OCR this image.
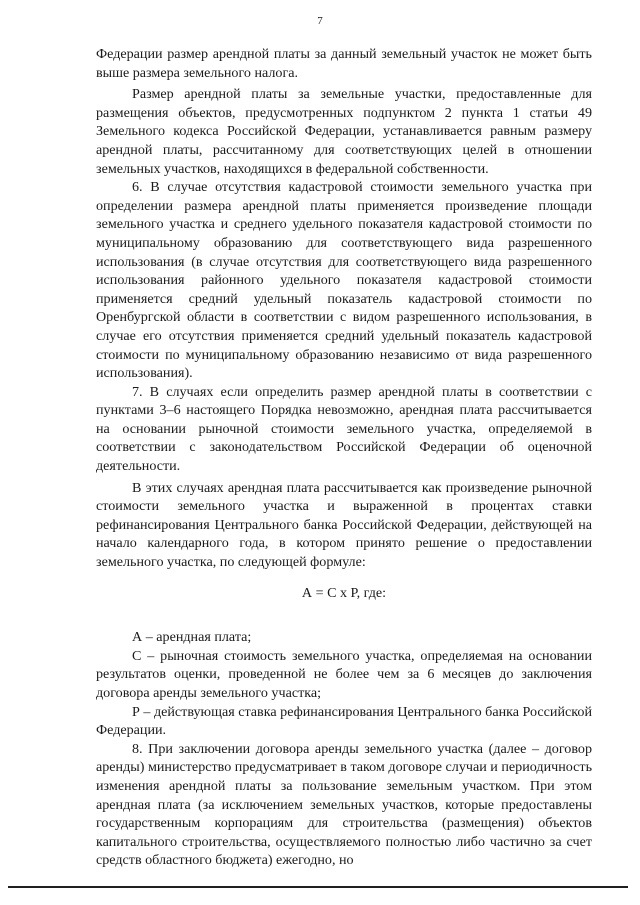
7

Федерации размер арендной платы за данный земельный участок не может быть выше размера земельного налога.

Размер арендной платы за земельные участки, предоставленные для размещения объектов, предусмотренных подпунктом 2 пункта 1 статьи 49 Земельного кодекса Российской Федерации, устанавливается равным размеру арендной платы, рассчитанному для соответствующих целей в отношении земельных участков, находящихся в федеральной собственности.

6. В случае отсутствия кадастровой стоимости земельного участка при определении размера арендной платы применяется произведение площади земельного участка и среднего удельного показателя кадастровой стоимости по муниципальному образованию для соответствующего вида разрешенного использования (в случае отсутствия для соответствующего вида разрешенного использования районного удельного показателя кадастровой стоимости применяется средний удельный показатель кадастровой стоимости по Оренбургской области в соответствии с видом разрешенного использования, в случае его отсутствия применяется средний удельный показатель кадастровой стоимости по муниципальному образованию независимо от вида разрешенного использования).

7. В случаях если определить размер арендной платы в соответствии с пунктами 3–6 настоящего Порядка невозможно, арендная плата рассчитывается на основании рыночной стоимости земельного участка, определяемой в соответствии с законодательством Российской Федерации об оценочной деятельности.

В этих случаях арендная плата рассчитывается как произведение рыночной стоимости земельного участка и выраженной в процентах ставки рефинансирования Центрального банка Российской Федерации, действующей на начало календарного года, в котором принято решение о предоставлении земельного участка, по следующей формуле:

А = С х Р, где:

А – арендная плата;

С – рыночная стоимость земельного участка, определяемая на основании результатов оценки, проведенной не более чем за 6 месяцев до заключения договора аренды земельного участка;

Р – действующая ставка рефинансирования Центрального банка Российской Федерации.

8. При заключении договора аренды земельного участка (далее – договор аренды) министерство предусматривает в таком договоре случаи и периодичность изменения арендной платы за пользование земельным участком. При этом арендная плата (за исключением земельных участков, которые предоставлены государственным корпорациям для строительства (размещения) объектов капитального строительства, осуществляемого полностью либо частично за счет средств областного бюджета) ежегодно, но
